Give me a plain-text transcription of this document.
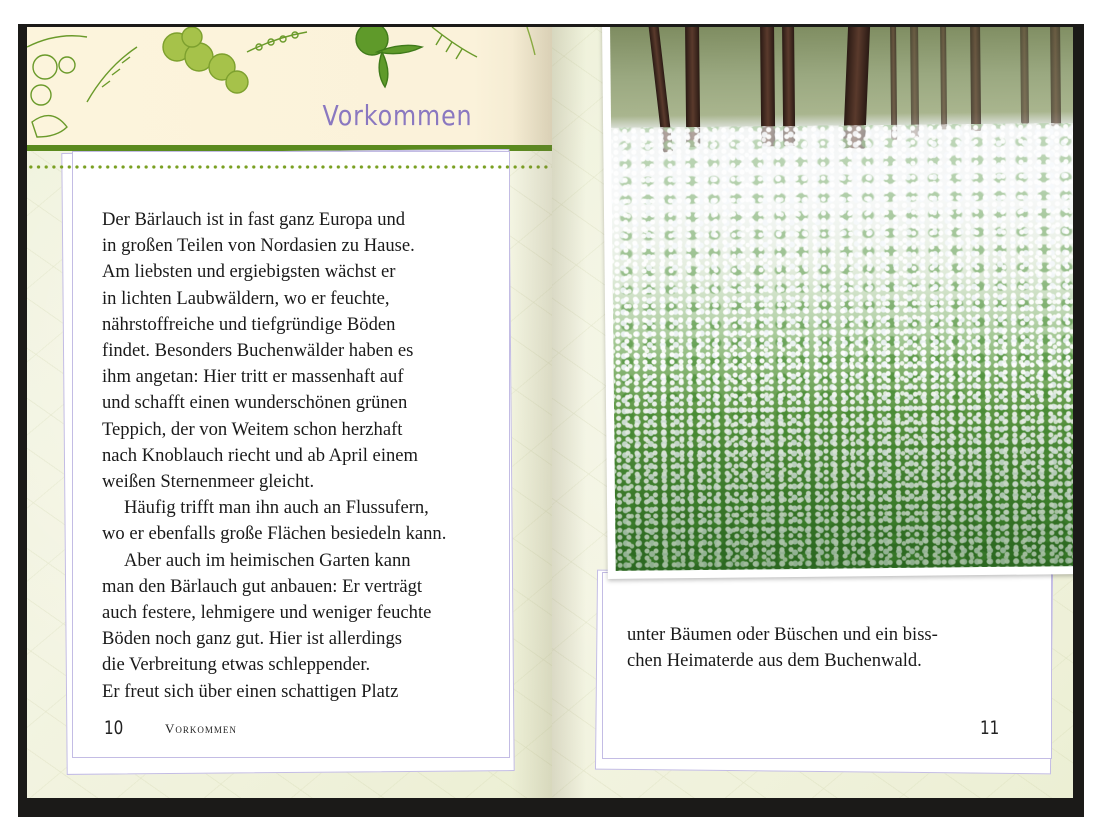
Vorkommen

Der Bärlauch ist in fast ganz Europa und

in großen Teilen von Nordasien zu Hause.

Am liebsten und ergiebigsten wächst er

in lichten Laubwäldern, wo er feuchte,

nährstoffreiche und tiefgründige Böden

findet. Besonders Buchenwälder haben es

ihm angetan: Hier tritt er massenhaft auf

und schafft einen wunderschönen grünen

Teppich, der von Weitem schon herzhaft

nach Knoblauch riecht und ab April einem

weißen Sternenmeer gleicht.

Häufig trifft man ihn auch an Flussufern,

wo er ebenfalls große Flächen besiedeln kann.

Aber auch im heimischen Garten kann

man den Bärlauch gut anbauen: Er verträgt

auch festere, lehmigere und weniger feuchte

Böden noch ganz gut. Hier ist allerdings

die Verbreitung etwas schleppender.

Er freut sich über einen schattigen Platz

10	Vorkommen

unter Bäumen oder Büschen und ein biss-

chen Heimaterde aus dem Buchenwald.

11
